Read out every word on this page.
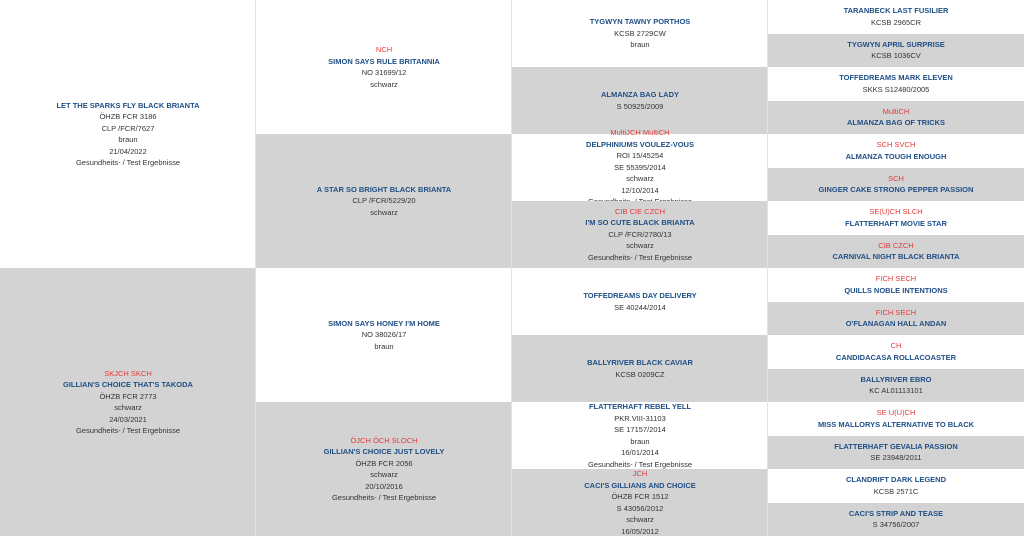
LET THE SPARKS FLY BLACK BRIANTA
ÖHZB FCR 3186
CLP /FCR/7627
braun
21/04/2022
Gesundheits- / Test Ergebnisse
SKJCH SKCH
GILLIAN'S CHOICE THAT'S TAKODA
ÖHZB FCR 2773
schwarz
24/03/2021
Gesundheits- / Test Ergebnisse
NCH
SIMON SAYS RULE BRITANNIA
NO 31699/12
schwarz
A STAR SO BRIGHT BLACK BRIANTA
CLP /FCR/5229/20
schwarz
SIMON SAYS HONEY I'M HOME
NO 38026/17
braun
ÖJCH ÖCH SLOCH
GILLIAN'S CHOICE JUST LOVELY
ÖHZB FCR 2056
schwarz
20/10/2016
Gesundheits- / Test Ergebnisse
TYGWYN TAWNY PORTHOS
KCSB 2729CW
braun
ALMANZA BAG LADY
S 50925/2009
MultiJCH MultiCH
DELPHINIUMS VOULEZ-VOUS
ROI 15/45254
SE 55395/2014
schwarz
12/10/2014
CIB CIE CZCH
I'M SO CUTE BLACK BRIANTA
CLP /FCR/2780/13
schwarz
Gesundheits- / Test Ergebnisse
TOFFEDREAMS DAY DELIVERY
SE 40244/2014
BALLYRIVER BLACK CAVIAR
KCSB 0209CZ
FLATTERHAFT REBEL YELL
PKR.VIII-31103
SE 17157/2014
braun
16/01/2014
Gesundheits- / Test Ergebnisse
JCH
CACI'S GILLIANS AND CHOICE
ÖHZB FCR 1512
S 43056/2012
schwarz
16/05/2012
TARANBECK LAST FUSILIER
KCSB 2965CR
TYGWYN APRIL SURPRISE
KCSB 1036CV
TOFFEDREAMS MARK ELEVEN
SKKS S12480/2005
MultiCH
ALMANZA BAG OF TRICKS
SCH SVCH
ALMANZA TOUGH ENOUGH
SCH
GINGER CAKE STRONG PEPPER PASSION
SE(U)CH SLCH
FLATTERHAFT MOVIE STAR
CIB CZCH
CARNIVAL NIGHT BLACK BRIANTA
FICH SECH
QUILLS NOBLE INTENTIONS
FICH SECH
O'FLANAGAN HALL ANDAN
CH
CANDIDACASA ROLLACOASTER
BALLYRIVER EBRO
KC AL01113101
SE U(U)CH
MISS MALLORYS ALTERNATIVE TO BLACK
FLATTERHAFT GEVALIA PASSION
SE 23948/2011
CLANDRIFT DARK LEGEND
KCSB 2571C
CACI'S STRIP AND TEASE
S 34756/2007
